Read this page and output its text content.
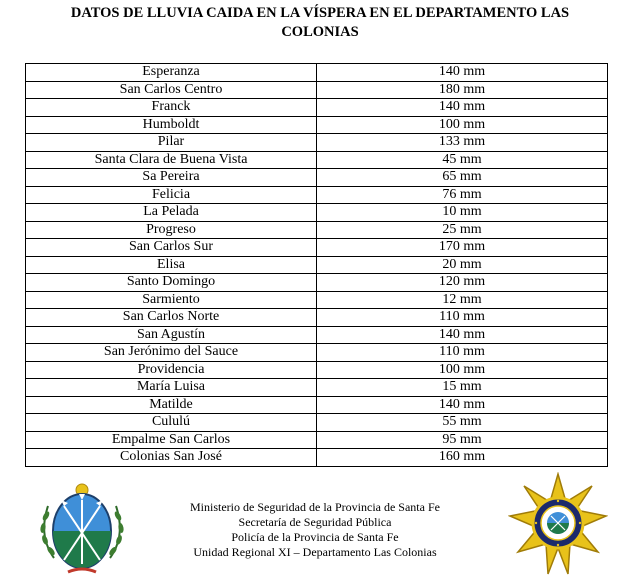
DATOS DE LLUVIA CAIDA EN LA VÍSPERA EN EL DEPARTAMENTO LAS
COLONIAS
Esperanza	140 mm
San Carlos Centro	180 mm
Franck	140 mm
Humboldt	100 mm
Pilar	133 mm
Santa Clara de Buena Vista	45 mm
Sa Pereira	65 mm
Felicia	76 mm
La Pelada	10 mm
Progreso	25 mm
San Carlos Sur	170 mm
Elisa	20 mm
Santo Domingo	120 mm
Sarmiento	12 mm
San Carlos Norte	110 mm
San Agustín	140 mm
San Jerónimo del Sauce	110 mm
Providencia	100 mm
María Luisa	15 mm
Matilde	140 mm
Cululú	55 mm
Empalme San Carlos	95 mm
Colonias San José	160 mm
Ministerio de Seguridad de la Provincia de Santa Fe
Secretaría de Seguridad Pública
Policía de la Provincia de Santa Fe
Unidad Regional XI – Departamento Las Colonias
